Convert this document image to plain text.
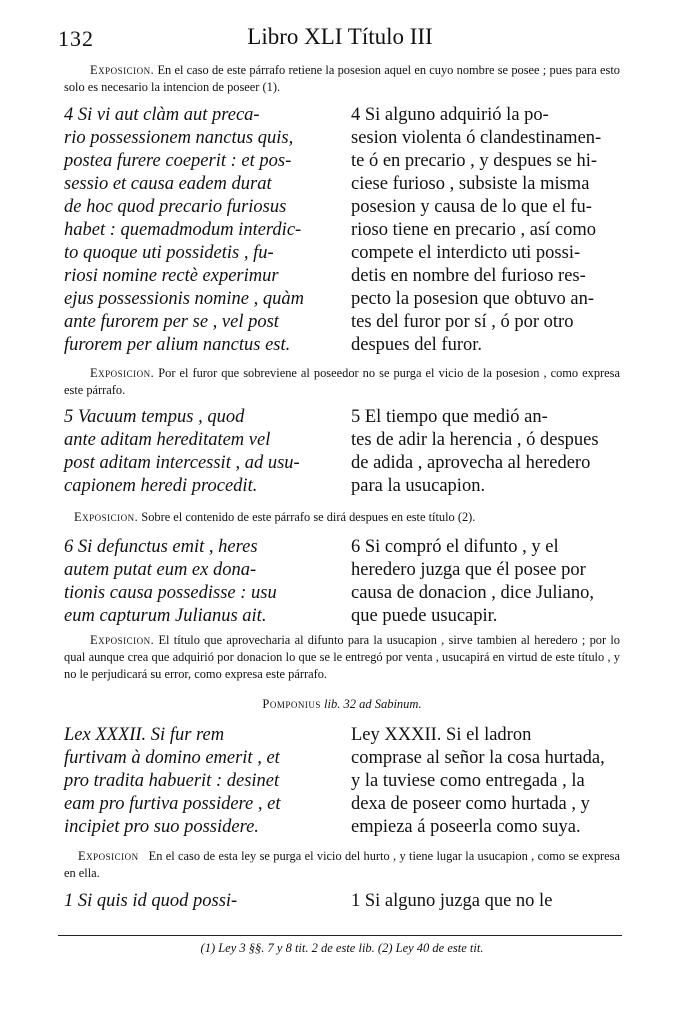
132	Libro XLI Título III
Exposicion. En el caso de este párrafo retiene la posesion aquel en cuyo nombre se posee ; pues para esto solo es necesario la intencion de poseer (1).
4 Si vi aut clàm aut preca-
rio possessionem nanctus quis,
postea furere coeperit : et pos-
sessio et causa eadem durat
de hoc quod precario furiosus
habet : quemadmodum interdic-
to quoque uti possidetis , fu-
riosi nomine rectè experimur
ejus possessionis nomine , quàm
ante furorem per se , vel post
furorem per alium nanctus est.
4 Si alguno adquirió la po-
sesion violenta ó clandestinamen-
te ó en precario , y despues se hi-
ciese furioso , subsiste la misma
posesion y causa de lo que el fu-
rioso tiene en precario , así como
compete el interdicto uti possi-
detis en nombre del furioso res-
pecto la posesion que obtuvo an-
tes del furor por sí , ó por otro
despues del furor.
Exposicion. Por el furor que sobreviene al poseedor no se purga el vicio de la posesion , como expresa este párrafo.
5 Vacuum tempus , quod
ante aditam hereditatem vel
post aditam intercessit , ad usu-
capionem heredi procedit.
5 El tiempo que medió an-
tes de adir la herencia , ó despues
de adida , aprovecha al heredero
para la usucapion.
Exposicion. Sobre el contenido de este párrafo se dirá despues en este título (2).
6 Si defunctus emit , heres
autem putat eum ex dona-
tionis causa possedisse : usu
eum capturum Julianus ait.
6 Si compró el difunto , y el
heredero juzga que él posee por
causa de donacion , dice Juliano,
que puede usucapir.
Exposicion. El título que aprovecharia al difunto para la usucapion , sirve tambien al heredero ; por lo qual aunque crea que adquirió por donacion lo que se le entregó por venta , usucapirá en virtud de este título , y no le perjudicará su error, como expresa este párrafo.
Pomponius lib. 32 ad Sabinum.
Lex XXXII. Si fur rem
furtivam à domino emerit , et
pro tradita habuerit : desinet
eam pro furtiva possidere , et
incipiet pro suo possidere.
Ley XXXII. Si el ladron
comprase al señor la cosa hurtada,
y la tuviese como entregada , la
dexa de poseer como hurtada , y
empieza á poseerla como suya.
Exposicion En el caso de esta ley se purga el vicio del hurto , y tiene lugar la usucapion , como se expresa en ella.
1 Si quis id quod possi-	1 Si alguno juzga que no le
(1) Ley 3 §§. 7 y 8 tit. 2 de este lib. (2) Ley 40 de este tit.
